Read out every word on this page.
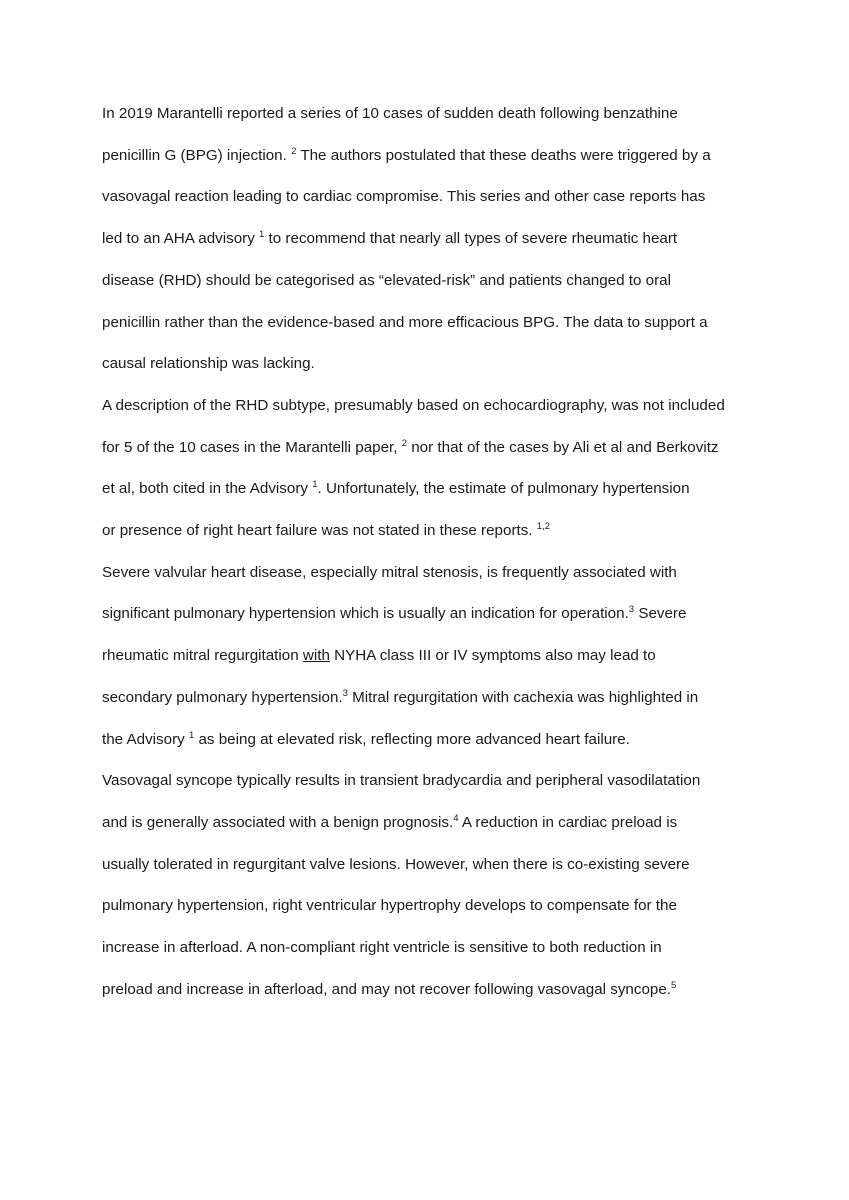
In 2019 Marantelli reported a series of 10 cases of sudden death following benzathine
penicillin G (BPG) injection. $^2$ The authors postulated that these deaths were triggered by a
vasovagal reaction leading to cardiac compromise. This series and other case reports has
led to an AHA advisory $^1$ to recommend that nearly all types of severe rheumatic heart
disease (RHD) should be categorised as “elevated-risk” and patients changed to oral
penicillin rather than the evidence-based and more efficacious BPG. The data to support a
causal relationship was lacking.
A description of the RHD subtype, presumably based on echocardiography, was not included
for 5 of the 10 cases in the Marantelli paper, $^2$ nor that of the cases by Ali et al and Berkovitz
et al, both cited in the Advisory $^1$. Unfortunately, the estimate of pulmonary hypertension
or presence of right heart failure was not stated in these reports. $^{1,2}$
Severe valvular heart disease, especially mitral stenosis, is frequently associated with
significant pulmonary hypertension which is usually an indication for operation.$^3$ Severe
rheumatic mitral regurgitation with NYHA class III or IV symptoms also may lead to
secondary pulmonary hypertension.$^3$ Mitral regurgitation with cachexia was highlighted in
the Advisory $^1$ as being at elevated risk, reflecting more advanced heart failure.
Vasovagal syncope typically results in transient bradycardia and peripheral vasodilatation
and is generally associated with a benign prognosis.$^4$ A reduction in cardiac preload is
usually tolerated in regurgitant valve lesions. However, when there is co-existing severe
pulmonary hypertension, right ventricular hypertrophy develops to compensate for the
increase in afterload. A non-compliant right ventricle is sensitive to both reduction in
preload and increase in afterload, and may not recover following vasovagal syncope.$^5$
